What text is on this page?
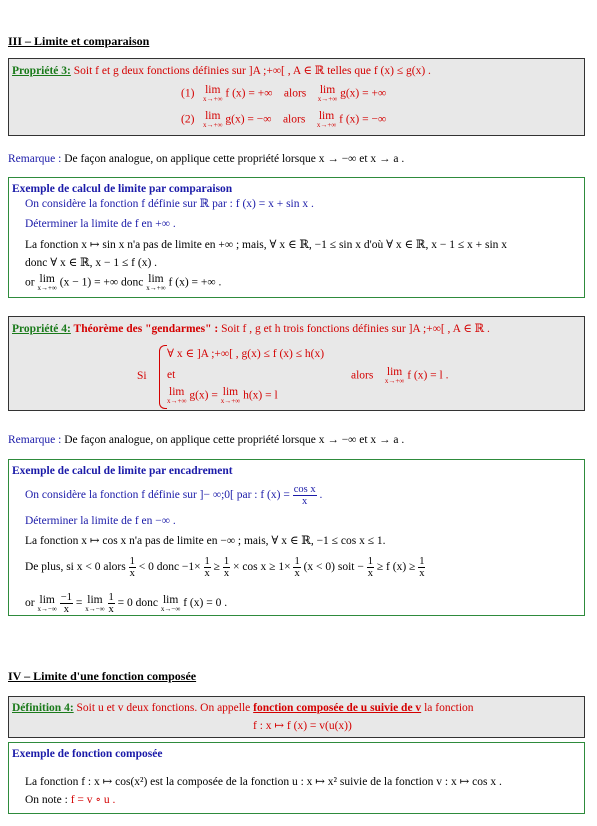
III – Limite et comparaison
Propriété 3: Soit f et g deux fonctions définies sur ]A ;+∞[ , A ∈ ℝ telles que f (x) ≤ g(x) .
(1) lim
x→+∞ f (x) = +∞    alors lim
x→+∞ g(x) = +∞
(2) lim
x→+∞ g(x) = −∞    alors lim
x→+∞ f (x) = −∞
Remarque : De façon analogue, on applique cette propriété lorsque x → −∞ et x → a .
Exemple de calcul de limite par comparaison
On considère la fonction f définie sur ℝ par : f (x) = x + sin x .
Déterminer la limite de f en +∞ .
La fonction x ↦ sin x n'a pas de limite en +∞ ; mais, ∀ x ∈ ℝ, −1 ≤ sin x d'où ∀ x ∈ ℝ, x − 1 ≤ x + sin x
donc ∀ x ∈ ℝ, x − 1 ≤ f (x) .
or lim
x→+∞ (x − 1) = +∞ donc lim
x→+∞ f (x) = +∞ .
Propriété 4: Théorème des "gendarmes" : Soit f , g et h trois fonctions définies sur ]A ;+∞[ , A ∈ ℝ .
Si
∀ x ∈ ]A ;+∞[ , g(x) ≤ f (x) ≤ h(x)
et
lim
x→+∞ g(x) = lim
x→+∞ h(x) = l
alors lim
x→+∞ f (x) = l .
Remarque : De façon analogue, on applique cette propriété lorsque x → −∞ et x → a .
Exemple de calcul de limite par encadrement
On considère la fonction f définie sur ]− ∞;0[ par : f $(x) = \frac{\text{cos x}}{x}$ .
Déterminer la limite de f en −∞ .
La fonction x ↦ cos x n'a pas de limite en −∞ ; mais, ∀ x ∈ ℝ, −1 ≤ cos x ≤ 1.
De plus, si x < 0 alors $\frac{1}{x} < 0$ donc $-1\times \frac{1}{x} \ge \frac{1}{x} \times \cos x \ge 1\times \frac{1}{x} (x < 0)$ soit − $\frac{1}{x} \ge f$ $(x) \ge \frac{1}{x}$
or lim
x→−∞
$\frac{-1}{x} = \lim$
x→−∞
$\frac{1}{x} = 0$ donc lim
x→−∞ f (x) = 0 .
IV – Limite d'une fonction composée
Définition 4: Soit u et v deux fonctions. On appelle fonction composée de u suivie de v la fonction
f : x ↦ f (x) = v(u(x))
Exemple de fonction composée
La fonction f : x ↦ cos(x²) est la composée de la fonction u : x ↦ x² suivie de la fonction v : x ↦ cos x .
On note : f = v ∘ u .
